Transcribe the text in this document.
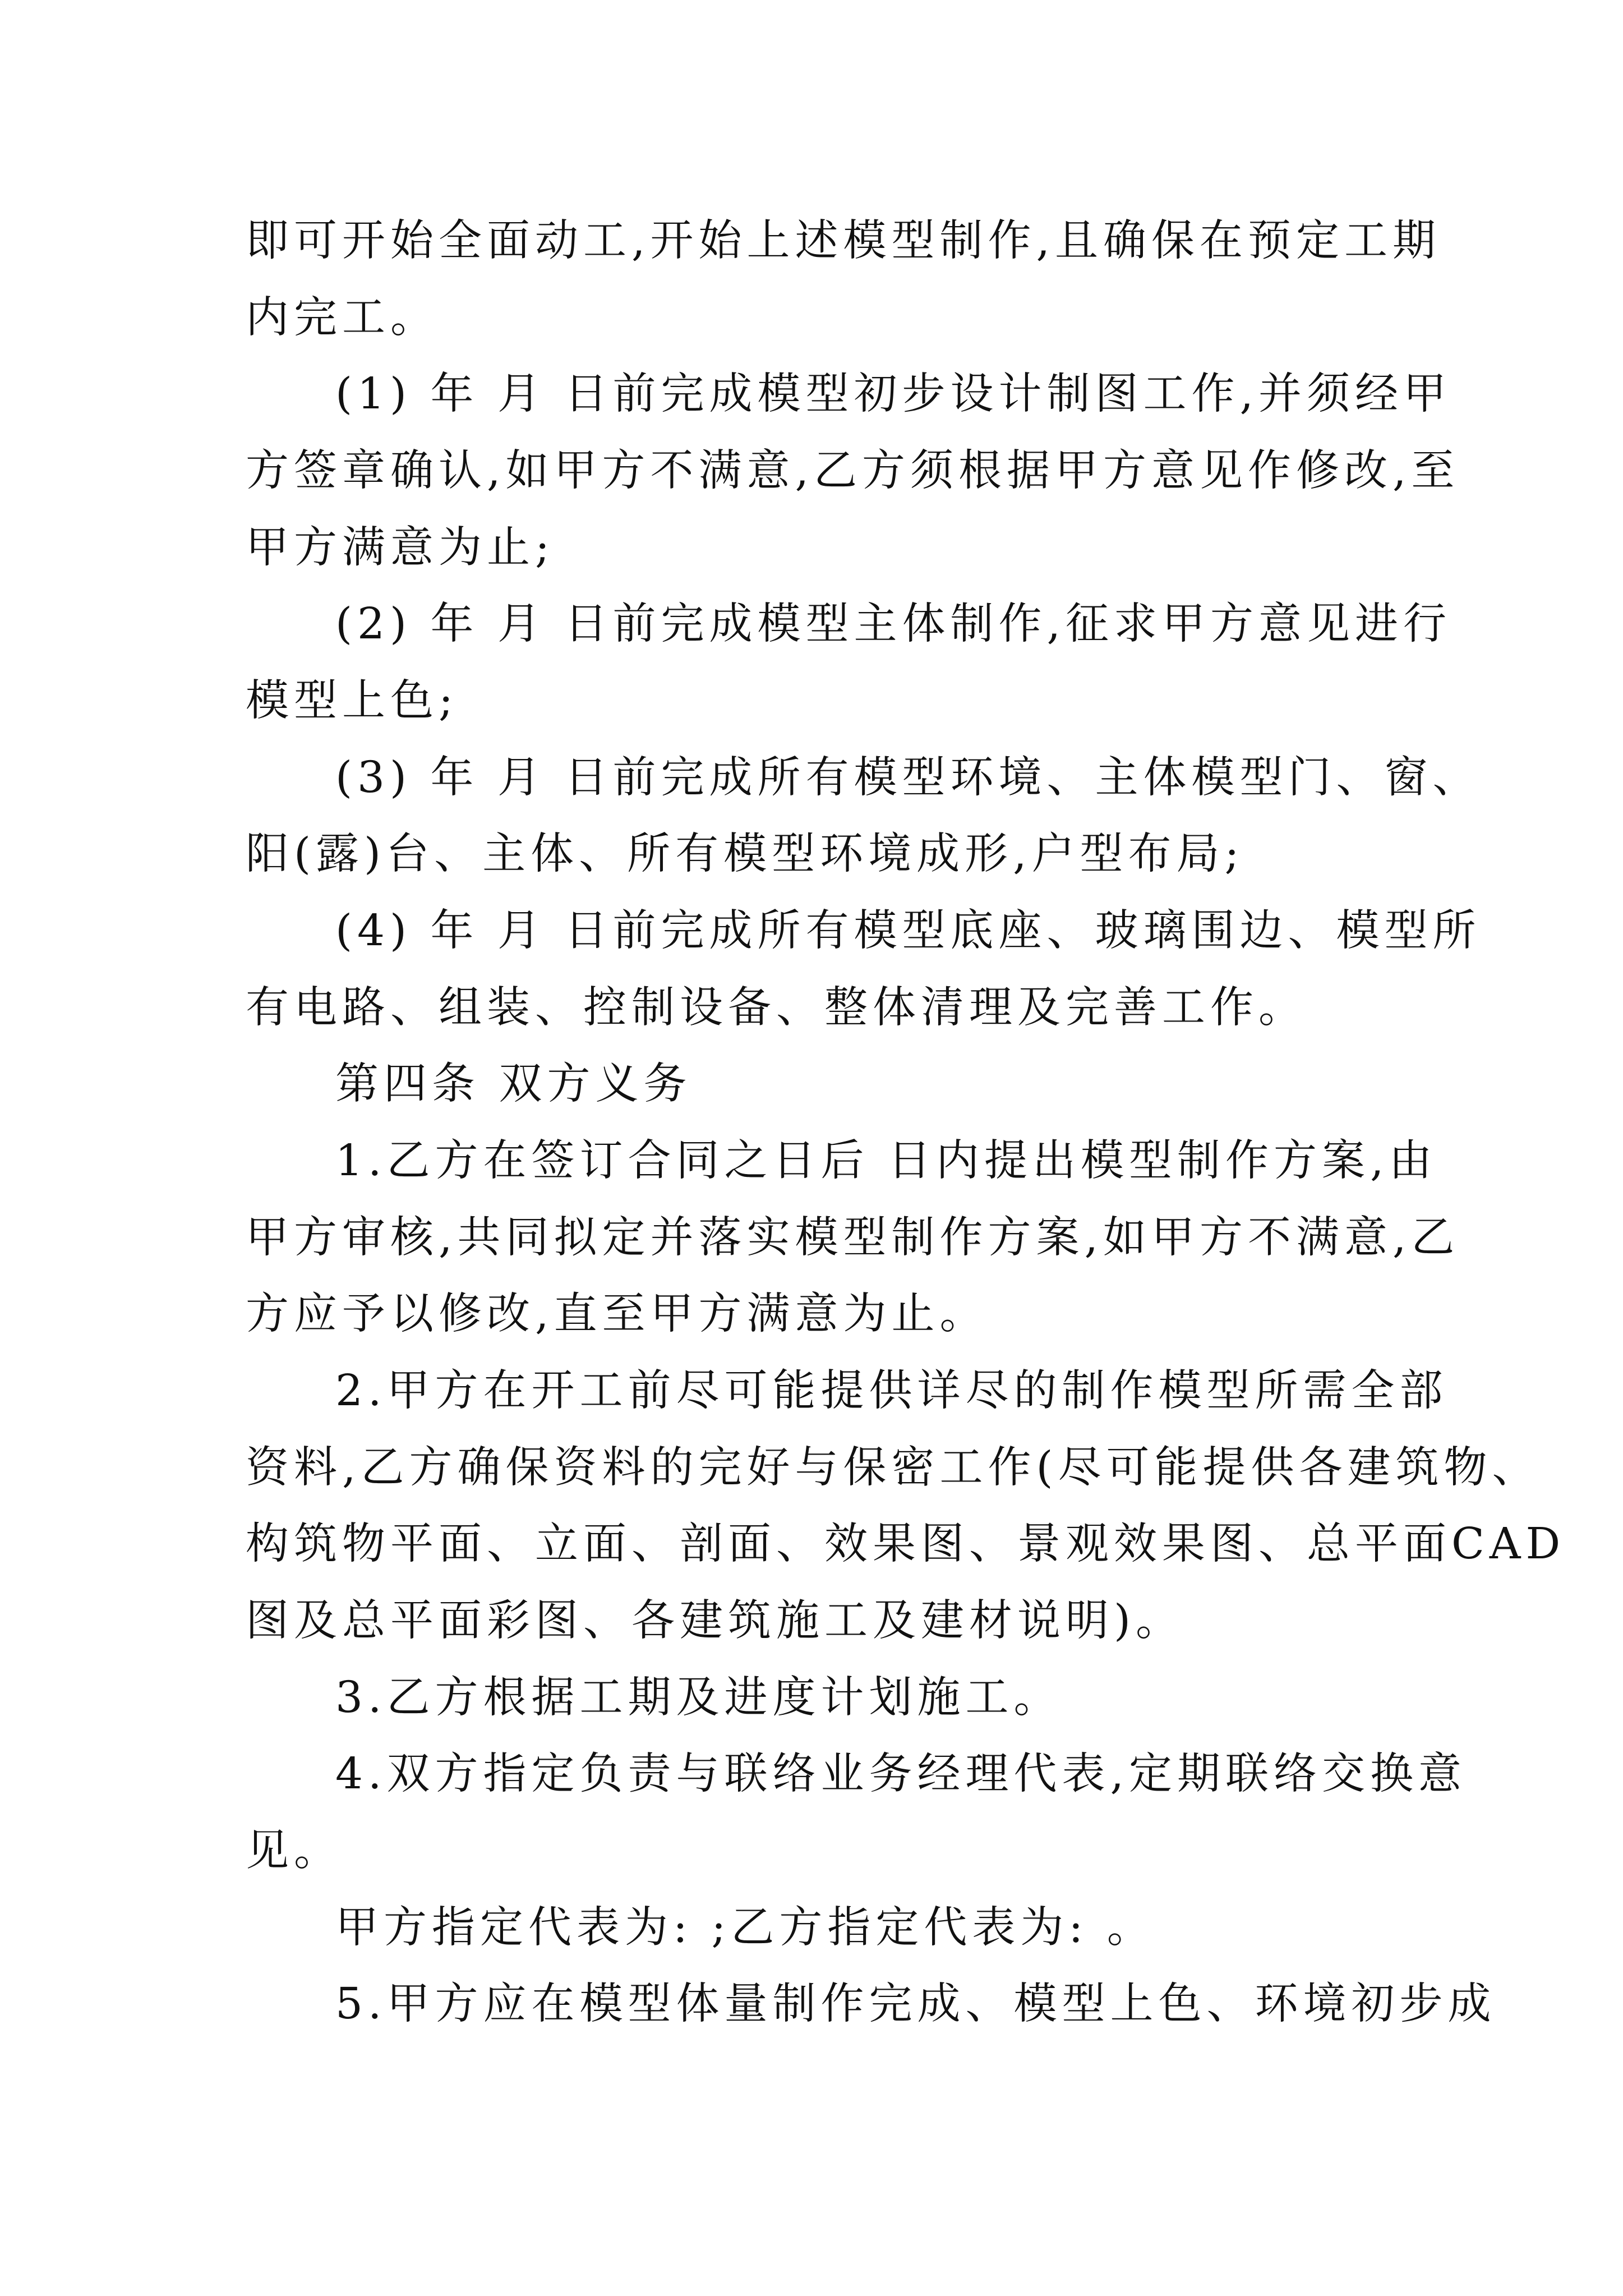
即可开始全面动工,开始上述模型制作,且确保在预定工期
内完工。
(1) 年 月 日前完成模型初步设计制图工作,并须经甲
方签章确认,如甲方不满意,乙方须根据甲方意见作修改,至
甲方满意为止;
(2) 年 月 日前完成模型主体制作,征求甲方意见进行
模型上色;
(3) 年 月 日前完成所有模型环境、主体模型门、窗、
阳(露)台、主体、所有模型环境成形,户型布局;
(4) 年 月 日前完成所有模型底座、玻璃围边、模型所
有电路、组装、控制设备、整体清理及完善工作。
第四条 双方义务
1.乙方在签订合同之日后 日内提出模型制作方案,由
甲方审核,共同拟定并落实模型制作方案,如甲方不满意,乙
方应予以修改,直至甲方满意为止。
2.甲方在开工前尽可能提供详尽的制作模型所需全部
资料,乙方确保资料的完好与保密工作(尽可能提供各建筑物、
构筑物平面、立面、剖面、效果图、景观效果图、总平面CAD
图及总平面彩图、各建筑施工及建材说明)。
3.乙方根据工期及进度计划施工。
4.双方指定负责与联络业务经理代表,定期联络交换意
见。
甲方指定代表为: ;乙方指定代表为: 。
5.甲方应在模型体量制作完成、模型上色、环境初步成
